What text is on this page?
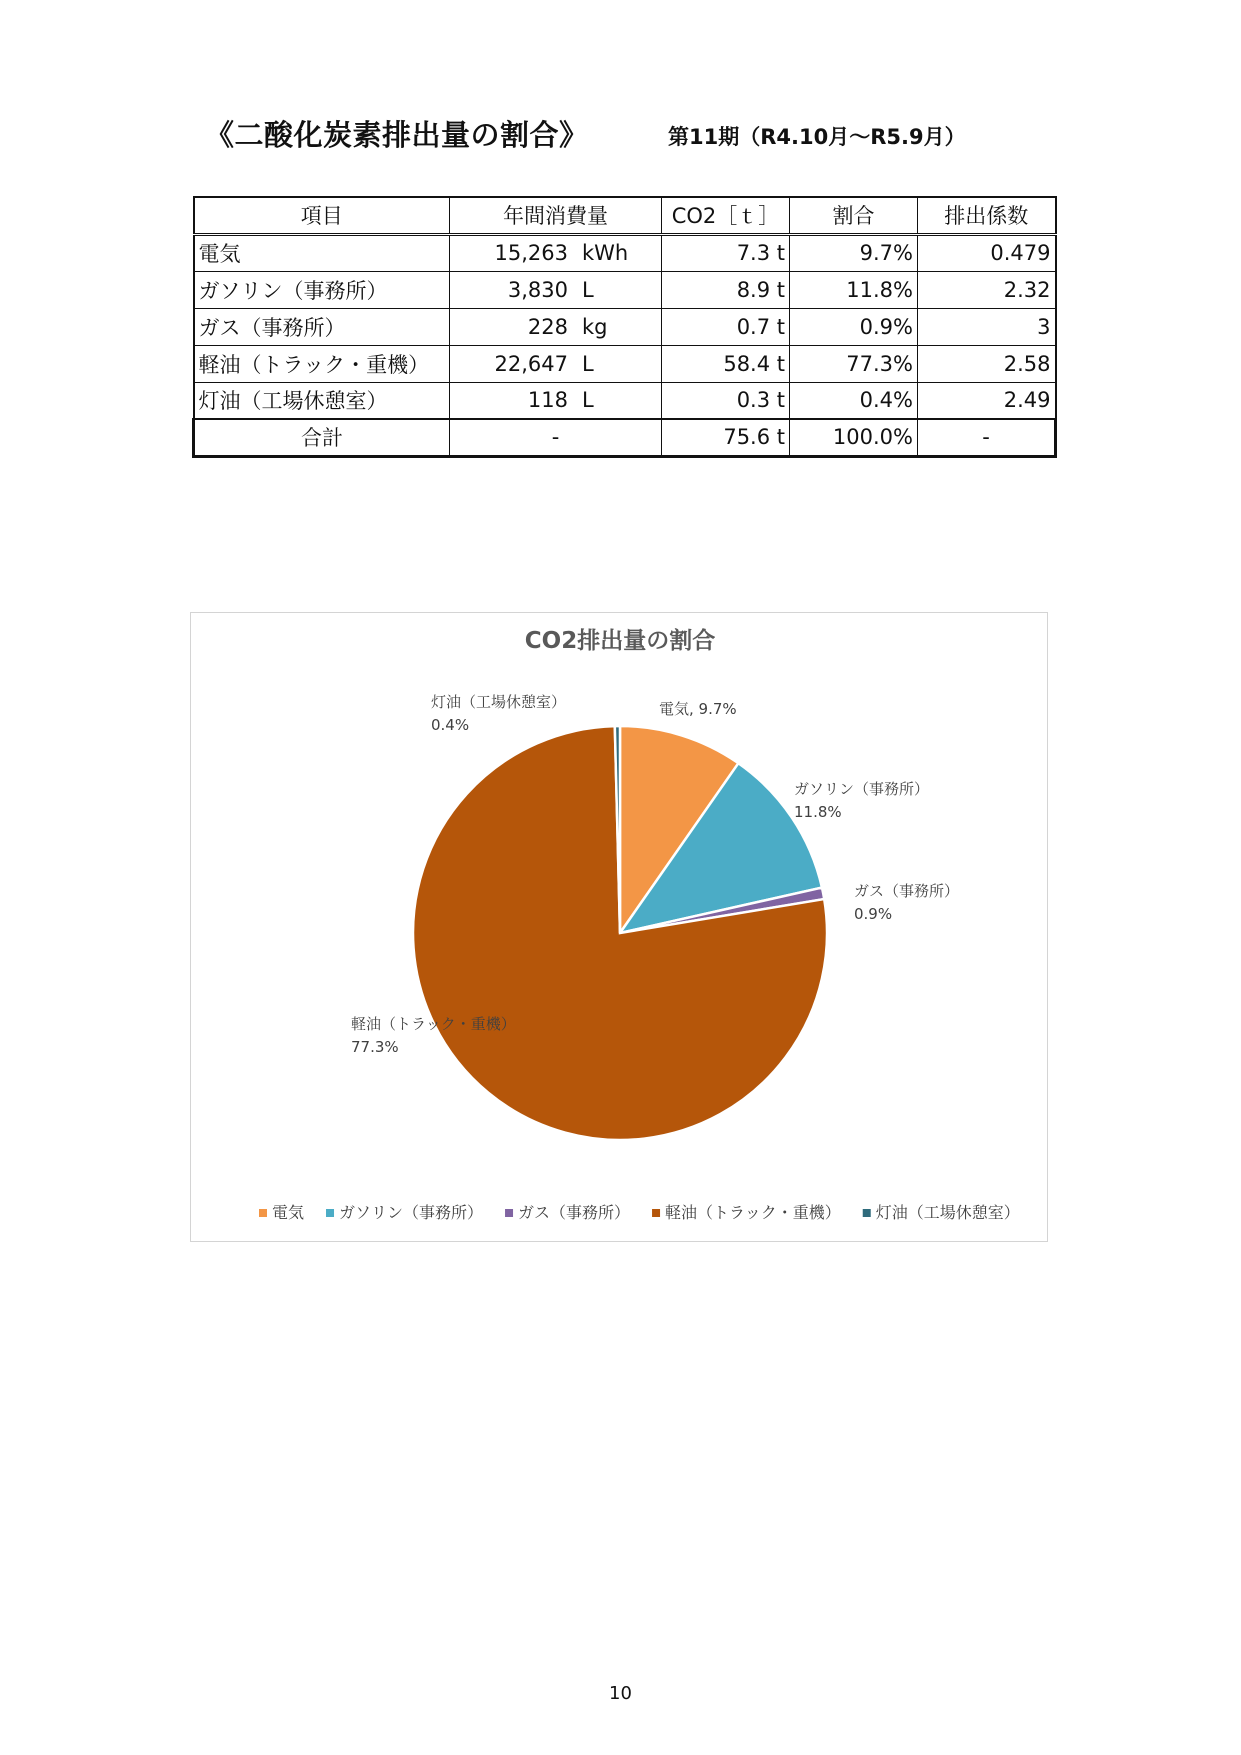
《二酸化炭素排出量の割合》	第11期（R4.10月～R5.9月）
項目	年間消費量	CO2［ｔ］	割合	排出係数
電気	15,263 kWh	7.3 t	9.7%	0.479
ガソリン（事務所）	3,830 L	8.9 t	11.8%	2.32
ガス（事務所）	228 kg	0.7 t	0.9%	3
軽油（トラック・重機）	22,647 L	58.4 t	77.3%	2.58
灯油（工場休憩室）	118 L	0.3 t	0.4%	2.49
合計	-	75.6 t	100.0%	-
CO2排出量の割合
電気, 9.7%
ガソリン（事務所）
11.8%
ガス（事務所）
0.9%
軽油（トラック・重機）
77.3%
灯油（工場休憩室）
0.4%
電気 ガソリン（事務所） ガス（事務所） 軽油（トラック・重機） 灯油（工場休憩室）
10
